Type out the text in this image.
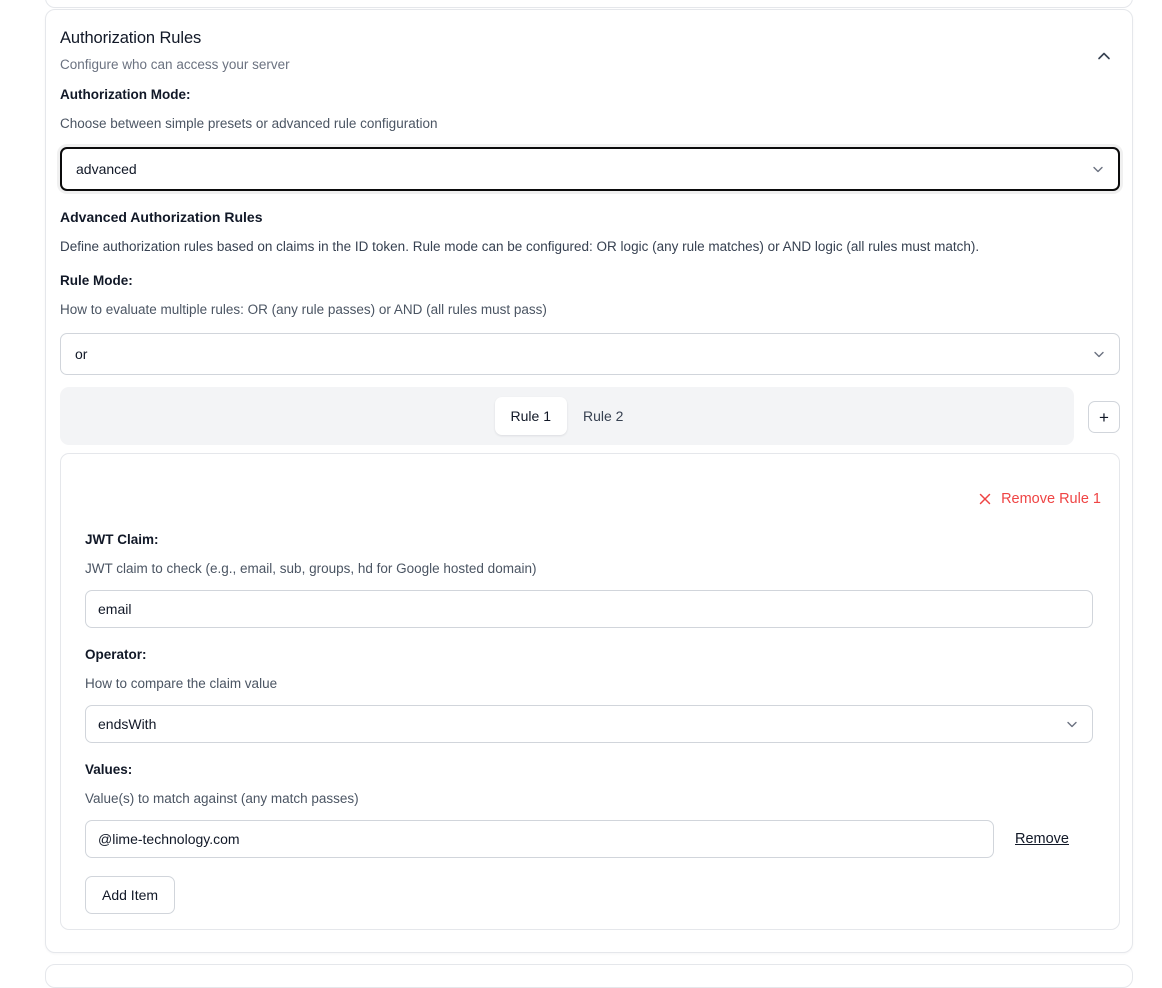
Authorization Rules
Configure who can access your server
Authorization Mode:
Choose between simple presets or advanced rule configuration
advanced
Advanced Authorization Rules
Define authorization rules based on claims in the ID token. Rule mode can be configured: OR logic (any rule matches) or AND logic (all rules must match).
Rule Mode:
How to evaluate multiple rules: OR (any rule passes) or AND (all rules must pass)
or
Rule 1	Rule 2	+
Remove Rule 1
JWT Claim:
JWT claim to check (e.g., email, sub, groups, hd for Google hosted domain)
email
Operator:
How to compare the claim value
endsWith
Values:
Value(s) to match against (any match passes)
@lime-technology.com
Remove
Add Item
